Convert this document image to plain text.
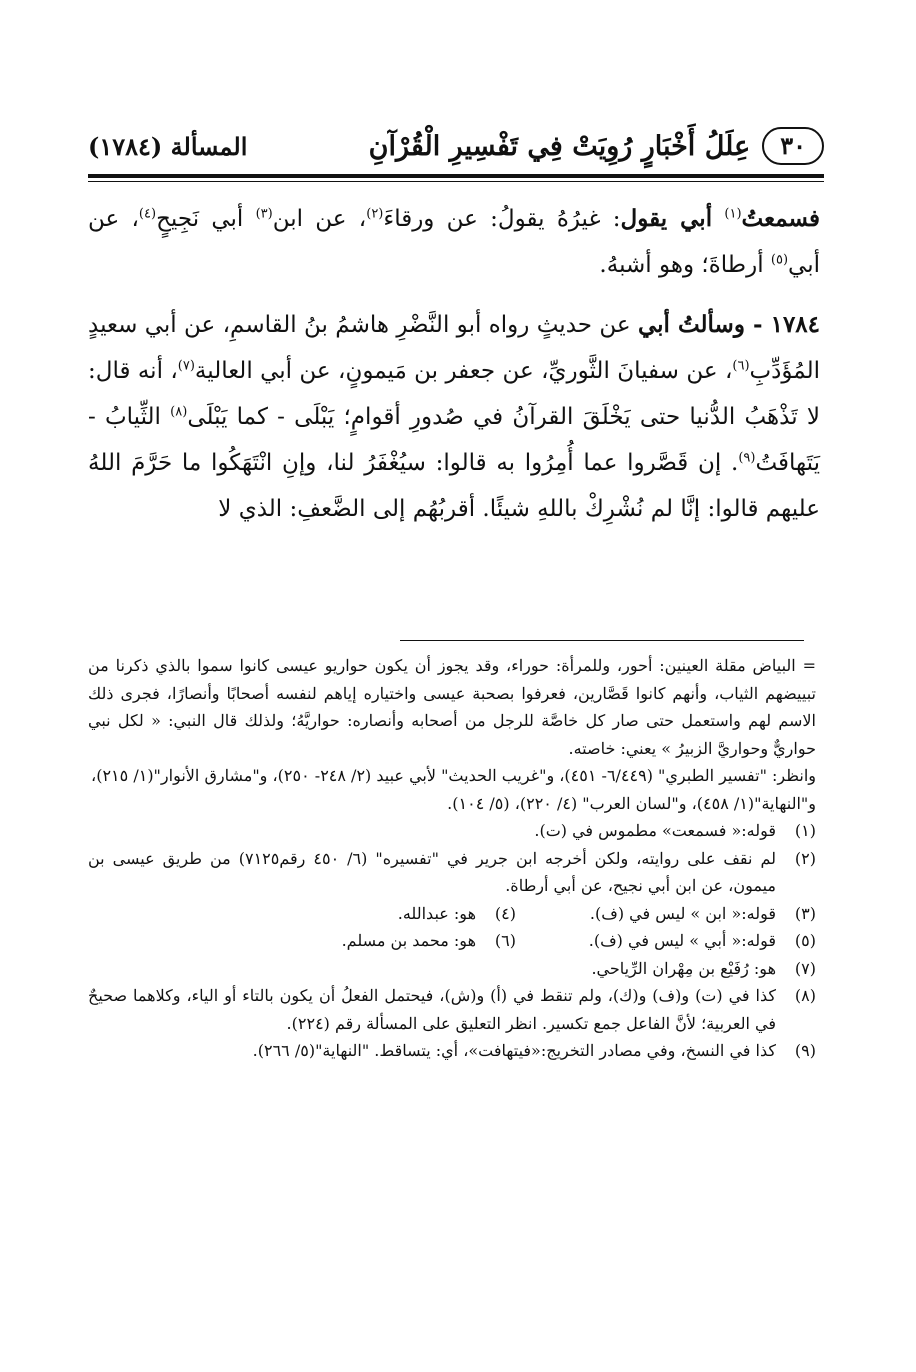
٣٠
عِلَلُ أَخْبَارٍ رُوِيَتْ فِي تَفْسِيرِ الْقُرْآنِ
المسألة (١٧٨٤)

فسمعتُ$^{(١)}$ أبي يقول: غيرُهُ يقولُ: عن ورقاءَ$^{(٢)}$، عن ابن$^{(٣)}$ أبي نَجِيحٍ$^{(٤)}$، عن أبي$^{(٥)}$ أرطاةَ؛ وهو أشبهُ.

١٧٨٤ - وسألتُ أبي عن حديثٍ رواه أبو النَّضْرِ هاشمُ بنُ القاسمِ، عن أبي سعيدٍ المُؤَدِّبِ$^{(٦)}$، عن سفيانَ الثَّوريِّ، عن جعفر بن مَيمونٍ، عن أبي العالية$^{(٧)}$، أنه قال: لا تَذْهَبُ الدُّنيا حتى يَخْلَقَ القرآنُ في صُدورِ أقوامٍ؛ يَبْلَى - كما يَبْلَى$^{(٨)}$ الثِّيابُ - يَتَهافَتُ$^{(٩)}$. إن قَصَّروا عما أُمِرُوا به قالوا: سيُغْفَرُ لنا، وإنِ انْتَهَكُوا ما حَرَّمَ اللهُ عليهم قالوا: إنَّا لم نُشْرِكْ باللهِ شيئًا. أقربُهُم إلى الضَّعفِ: الذي لا

= البياض مقلة العينين: أحور، وللمرأة: حوراء، وقد يجوز أن يكون حواريو عيسى كانوا سموا بالذي ذكرنا من تبييضهم الثياب، وأنهم كانوا قَصَّارين، فعرفوا بصحبة عيسى واختياره إياهم لنفسه أصحابًا وأنصارًا، فجرى ذلك الاسم لهم واستعمل حتى صار كل خاصَّة للرجل من أصحابه وأنصاره: حواريَّهُ؛ ولذلك قال النبي: « لكل نبي حواريٌّ وحواريَّ الزبيرُ » يعني: خاصته.

وانظر: "تفسير الطبري" (٦/٤٤٩- ٤٥١)، و"غريب الحديث" لأبي عبيد (٢/ ٢٤٨- ٢٥٠)، و"مشارق الأنوار"(١/ ٢١٥)، و"النهاية"(١/ ٤٥٨)، و"لسان العرب" (٤/ ٢٢٠)، (٥/ ١٠٤).
(١)
قوله:« فسمعت» مطموس في (ت).
(٢)
لم نقف على روايته، ولكن أخرجه ابن جرير في "تفسيره" (٦/ ٤٥٠ رقم٧١٢٥) من طريق عيسى بن ميمون، عن ابن أبي نجيح، عن أبي أرطاة.
(٣)
قوله:« ابن » ليس في (ف).
(٤)
هو: عبدالله.
(٥)
قوله:« أبي » ليس في (ف).
(٦)
هو: محمد بن مسلم.
(٧)
هو: رُفَيْع بن مِهْران الرِّياحي.
(٨)
كذا في (ت) و(ف) و(ك)، ولم تنقط في (أ) و(ش)، فيحتمل الفعلُ أن يكون بالتاء أو الياء، وكلاهما صحيحٌ في العربية؛ لأنَّ الفاعل جمع تكسير. انظر التعليق على المسألة رقم (٢٢٤).
(٩)
كذا في النسخ، وفي مصادر التخريج:«فيتهافت»، أي: يتساقط. "النهاية"(٥/ ٢٦٦).
